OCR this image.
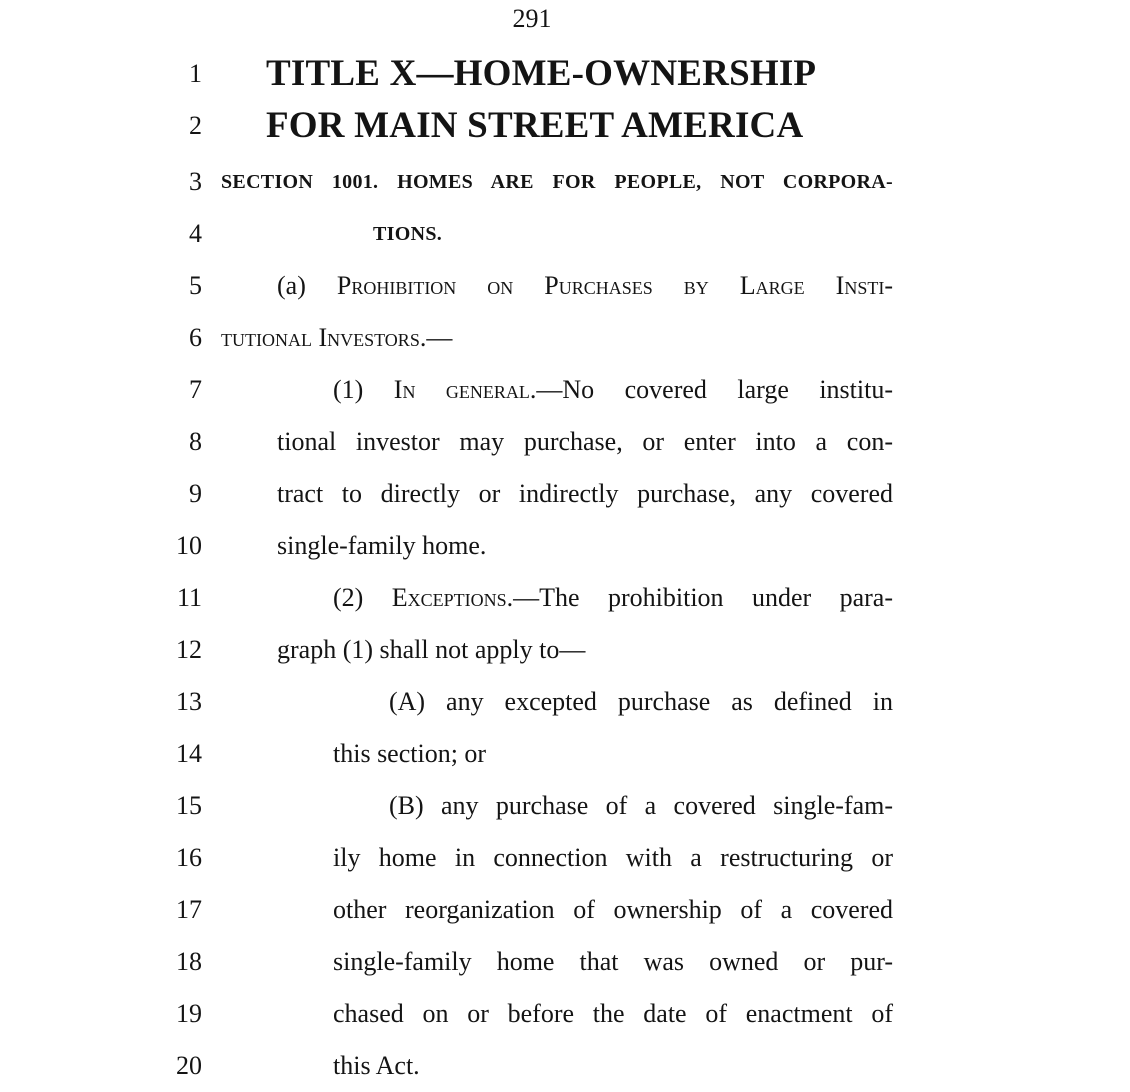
291
1 TITLE X—HOME-OWNERSHIP
2 FOR MAIN STREET AMERICA
3 SECTION 1001. HOMES ARE FOR PEOPLE, NOT CORPORA-
4	TIONS.
5	(a) Prohibition on Purchases by Large Insti-
6 tutional Investors.—
7	(1) In general.—No covered large institu-
8	tional investor may purchase, or enter into a con-
9	tract to directly or indirectly purchase, any covered
10	single-family home.
11	(2) Exceptions.—The prohibition under para-
12	graph (1) shall not apply to—
13	(A) any excepted purchase as defined in
14	this section; or
15	(B) any purchase of a covered single-fam-
16	ily home in connection with a restructuring or
17	other reorganization of ownership of a covered
18	single-family home that was owned or pur-
19	chased on or before the date of enactment of
20	this Act.
